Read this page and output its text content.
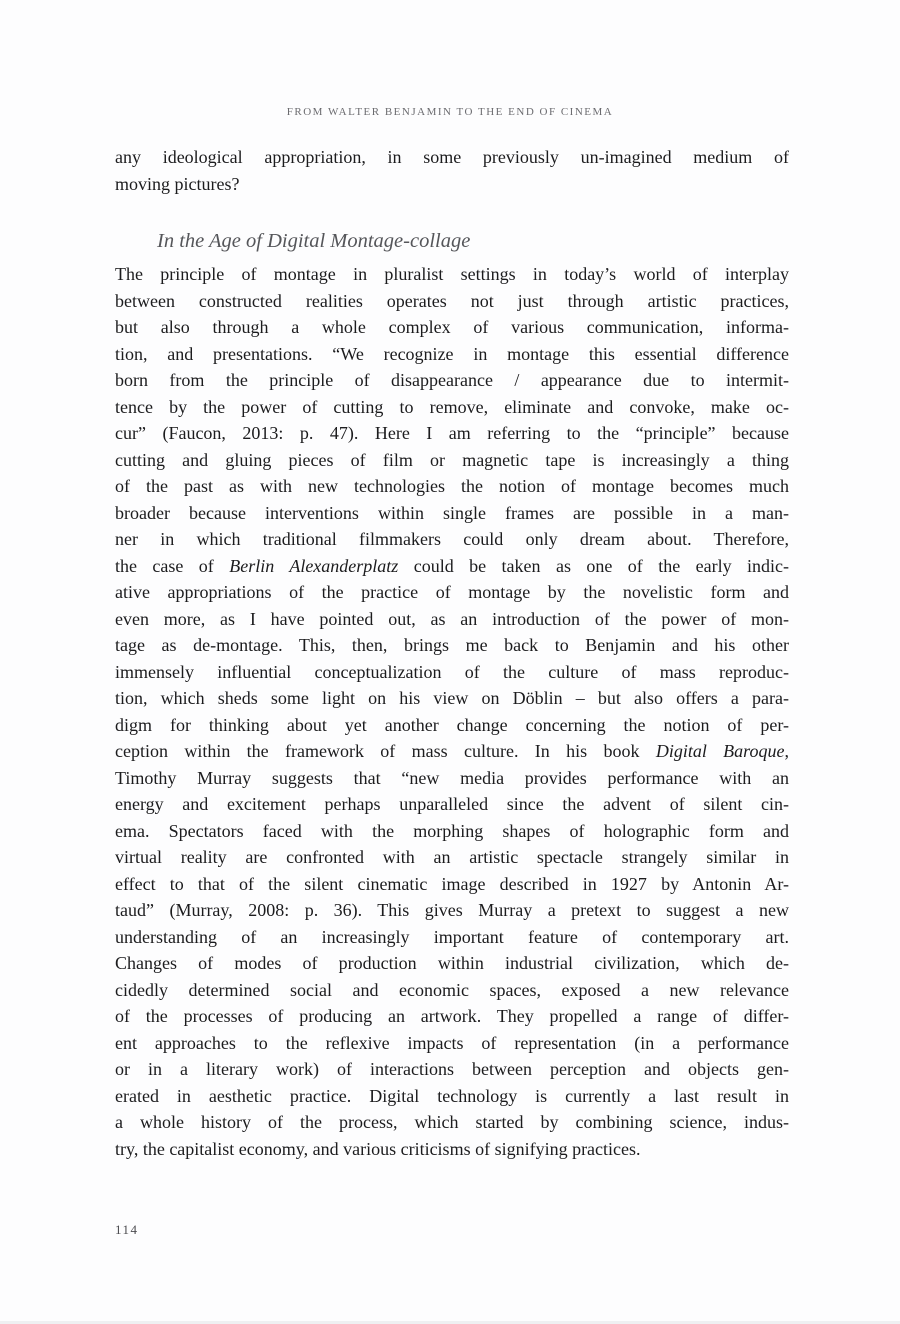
FROM WALTER BENJAMIN TO THE END OF CINEMA
any ideological appropriation, in some previously un-imagined medium of
moving pictures?
In the Age of Digital Montage-collage
The principle of montage in pluralist settings in today’s world of interplay
between constructed realities operates not just through artistic practices,
but also through a whole complex of various communication, informa-
tion, and presentations. “We recognize in montage this essential difference
born from the principle of disappearance / appearance due to intermit-
tence by the power of cutting to remove, eliminate and convoke, make oc-
cur” (Faucon, 2013: p. 47). Here I am referring to the “principle” because
cutting and gluing pieces of film or magnetic tape is increasingly a thing
of the past as with new technologies the notion of montage becomes much
broader because interventions within single frames are possible in a man-
ner in which traditional filmmakers could only dream about. Therefore,
the case of Berlin Alexanderplatz could be taken as one of the early indic-
ative appropriations of the practice of montage by the novelistic form and
even more, as I have pointed out, as an introduction of the power of mon-
tage as de-montage. This, then, brings me back to Benjamin and his other
immensely influential conceptualization of the culture of mass reproduc-
tion, which sheds some light on his view on Döblin – but also offers a para-
digm for thinking about yet another change concerning the notion of per-
ception within the framework of mass culture. In his book Digital Baroque,
Timothy Murray suggests that “new media provides performance with an
energy and excitement perhaps unparalleled since the advent of silent cin-
ema. Spectators faced with the morphing shapes of holographic form and
virtual reality are confronted with an artistic spectacle strangely similar in
effect to that of the silent cinematic image described in 1927 by Antonin Ar-
taud” (Murray, 2008: p. 36). This gives Murray a pretext to suggest a new
understanding of an increasingly important feature of contemporary art.
Changes of modes of production within industrial civilization, which de-
cidedly determined social and economic spaces, exposed a new relevance
of the processes of producing an artwork. They propelled a range of differ-
ent approaches to the reflexive impacts of representation (in a performance
or in a literary work) of interactions between perception and objects gen-
erated in aesthetic practice. Digital technology is currently a last result in
a whole history of the process, which started by combining science, indus-
try, the capitalist economy, and various criticisms of signifying practices.
114
